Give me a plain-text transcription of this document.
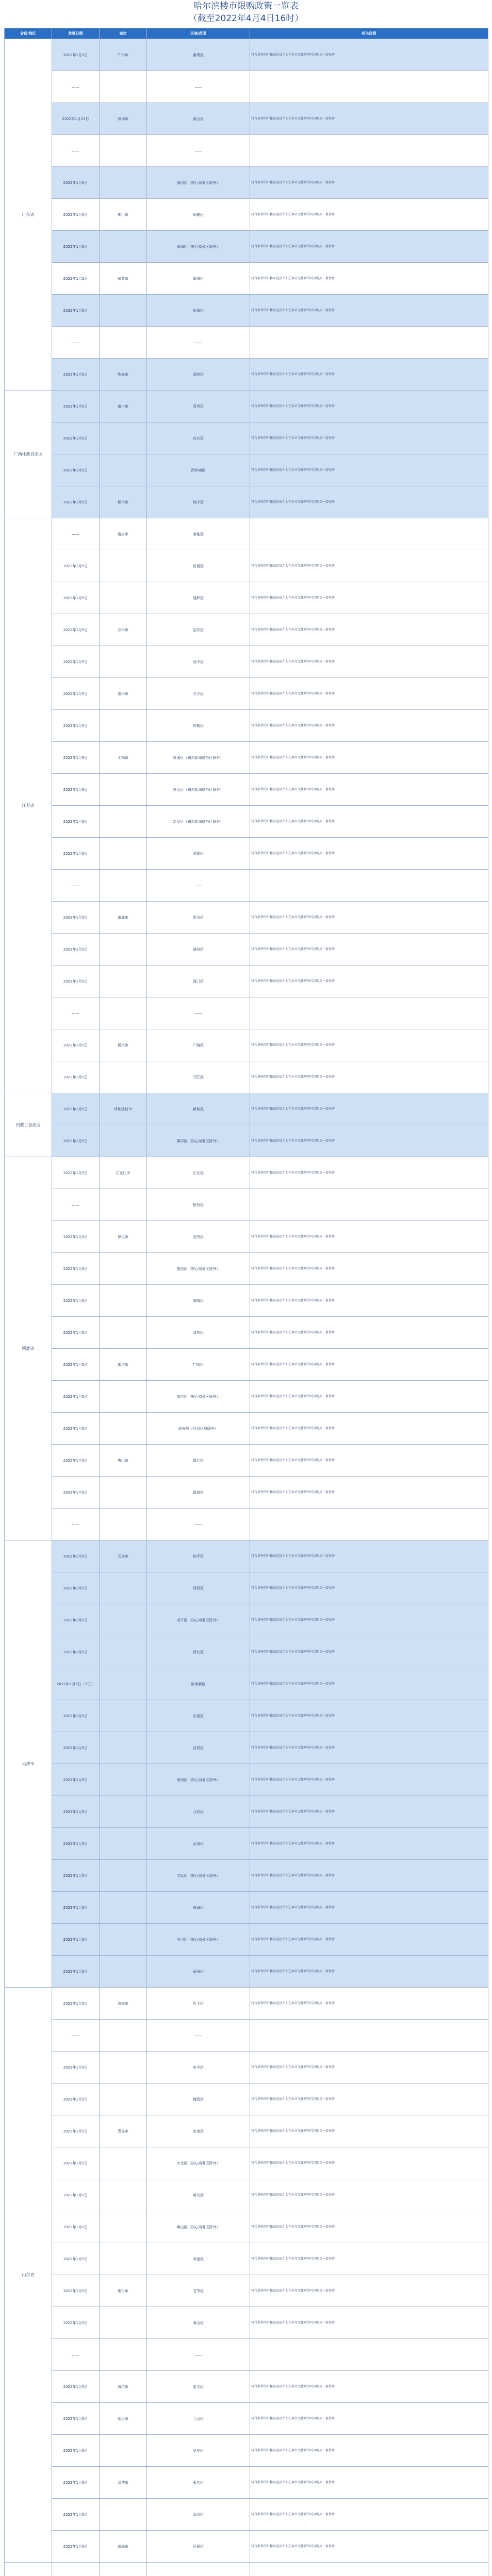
哈尔滨楼市限购政策一览表
（截至2022年4月4日16时）
省份/地区	政策日期	城市	区域/范围	相关政策
广东省	2022年1月1日	广州市	番禺区	符合条件的户籍家庭及个人在本市无住房的可以购买一套住房
	——		——	
	2022年1月13日	深圳市	南山区	符合条件的户籍家庭及个人在本市无住房的可以购买一套住房
	——		——	
	2022年1月5日		福田区（核心商务区除外）	符合条件的户籍家庭及个人在本市无住房的可以购买一套住房
	2022年1月5日	佛山市	顺德区	符合条件的户籍家庭及个人在本市无住房的可以购买一套住房
	2022年1月5日		南海区（核心商务区除外）	符合条件的户籍家庭及个人在本市无住房的可以购买一套住房
	2022年1月2日	东莞市	南城区	符合条件的户籍家庭及个人在本市无住房的可以购买一套住房
	2022年1月5日		东城区	符合条件的户籍家庭及个人在本市无住房的可以购买一套住房
	——		——	
	2022年1月5日	珠海市	香洲区	符合条件的户籍家庭及个人在本市无住房的可以购买一套住房
广西壮族自治区	2022年1月5日	南宁市	青秀区	符合条件的户籍家庭及个人在本市无住房的可以购买一套住房
	2022年1月5日		良庆区	符合条件的户籍家庭及个人在本市无住房的可以购买一套住房
	2022年1月5日		西乡塘区	符合条件的户籍家庭及个人在本市无住房的可以购买一套住房
	2022年1月5日	柳州市	城中区	符合条件的户籍家庭及个人在本市无住房的可以购买一套住房
江苏省	——	南京市	秦淮区	
	2022年1月5日		鼓楼区	符合条件的户籍家庭及个人在本市无住房的可以购买一套住房
	2022年1月5日		建邺区	符合条件的户籍家庭及个人在本市无住房的可以购买一套住房
	2022年1月5日	苏州市	姑苏区	符合条件的户籍家庭及个人在本市无住房的可以购买一套住房
	2022年1月5日		吴中区	符合条件的户籍家庭及个人在本市无住房的可以购买一套住房
	2022年1月5日	常州市	天宁区	符合条件的户籍家庭及个人在本市无住房的可以购买一套住房
	2022年1月5日		钟楼区	符合条件的户籍家庭及个人在本市无住房的可以购买一套住房
	2022年1月5日	无锡市	梁溪区（锡东新城商务区除外）	符合条件的户籍家庭及个人在本市无住房的可以购买一套住房
	2022年1月5日		惠山区（锡东新城商务区除外）	符合条件的户籍家庭及个人在本市无住房的可以购买一套住房
	2022年1月5日		新吴区（锡东新城商务区除外）	符合条件的户籍家庭及个人在本市无住房的可以购买一套住房
	2022年1月5日		滨湖区	符合条件的户籍家庭及个人在本市无住房的可以购买一套住房
	——		——	
	2022年1月5日	南通市	崇川区	符合条件的户籍家庭及个人在本市无住房的可以购买一套住房
	2022年1月5日		通州区	符合条件的户籍家庭及个人在本市无住房的可以购买一套住房
	2022年1月5日		海门区	符合条件的户籍家庭及个人在本市无住房的可以购买一套住房
	——		——	
	2022年1月5日	扬州市	广陵区	符合条件的户籍家庭及个人在本市无住房的可以购买一套住房
	2022年1月5日		邗江区	符合条件的户籍家庭及个人在本市无住房的可以购买一套住房
内蒙古自治区	2022年1月5日	呼和浩特市	新城区	符合条件的户籍家庭及个人在本市无住房的可以购买一套住房
	2022年1月5日		赛罕区（核心商务区除外）	符合条件的户籍家庭及个人在本市无住房的可以购买一套住房
河北省	2022年1月5日	石家庄市	长安区	符合条件的户籍家庭及个人在本市无住房的可以购买一套住房
	——		桥西区	
	2022年1月5日	保定市	竞秀区	符合条件的户籍家庭及个人在本市无住房的可以购买一套住房
	2022年1月5日		莲池区（核心商务区除外）	符合条件的户籍家庭及个人在本市无住房的可以购买一套住房
	2022年1月5日		满城区	符合条件的户籍家庭及个人在本市无住房的可以购买一套住房
	2022年1月5日		清苑区	符合条件的户籍家庭及个人在本市无住房的可以购买一套住房
	2022年1月5日	廊坊市	广阳区	符合条件的户籍家庭及个人在本市无住房的可以购买一套住房
	2022年1月5日		安次区（核心商务区除外）	符合条件的户籍家庭及个人在本市无住房的可以购买一套住房
	2022年1月5日		固安县（环京区域除外）	符合条件的户籍家庭及个人在本市无住房的可以购买一套住房
	2022年1月5日	唐山市	路北区	符合条件的户籍家庭及个人在本市无住房的可以购买一套住房
	2022年1月5日		路南区	符合条件的户籍家庭及个人在本市无住房的可以购买一套住房
	——		——	
天津市	2022年1月5日	天津市	和平区	符合条件的户籍家庭及个人在本市无住房的可以购买一套住房
	2022年1月5日		河西区	符合条件的户籍家庭及个人在本市无住房的可以购买一套住房
	2022年1月5日		南开区（核心商务区除外）	符合条件的户籍家庭及个人在本市无住房的可以购买一套住房
	2022年1月5日		河北区	符合条件的户籍家庭及个人在本市无住房的可以购买一套住房
	2022年1月5日（7日）		滨海新区	符合条件的户籍家庭及个人在本市无住房的可以购买一套住房
	2022年1月5日		东丽区	符合条件的户籍家庭及个人在本市无住房的可以购买一套住房
	2022年1月5日		西青区	符合条件的户籍家庭及个人在本市无住房的可以购买一套住房
	2022年1月5日		津南区（核心商务区除外）	符合条件的户籍家庭及个人在本市无住房的可以购买一套住房
	2022年1月5日		北辰区	符合条件的户籍家庭及个人在本市无住房的可以购买一套住房
	2022年1月5日		武清区	符合条件的户籍家庭及个人在本市无住房的可以购买一套住房
	2022年1月5日		宝坻区（核心商务区除外）	符合条件的户籍家庭及个人在本市无住房的可以购买一套住房
	2022年1月5日		静海区	符合条件的户籍家庭及个人在本市无住房的可以购买一套住房
	2022年1月5日		宁河区（核心商务区除外）	符合条件的户籍家庭及个人在本市无住房的可以购买一套住房
	2022年1月5日		蓟州区	符合条件的户籍家庭及个人在本市无住房的可以购买一套住房
山东省	2022年1月5日	济南市	历下区	符合条件的户籍家庭及个人在本市无住房的可以购买一套住房
	——		——	
	2022年1月5日		市中区	符合条件的户籍家庭及个人在本市无住房的可以购买一套住房
	2022年1月5日		槐荫区	符合条件的户籍家庭及个人在本市无住房的可以购买一套住房
	2022年1月5日	青岛市	市南区	符合条件的户籍家庭及个人在本市无住房的可以购买一套住房
	2022年1月5日		市北区（核心商务区除外）	符合条件的户籍家庭及个人在本市无住房的可以购买一套住房
	2022年1月5日		黄岛区	符合条件的户籍家庭及个人在本市无住房的可以购买一套住房
	2022年1月5日		崂山区（核心商务区除外）	符合条件的户籍家庭及个人在本市无住房的可以购买一套住房
	2022年1月5日		李沧区	符合条件的户籍家庭及个人在本市无住房的可以购买一套住房
	2022年1月5日	烟台市	芝罘区	符合条件的户籍家庭及个人在本市无住房的可以购买一套住房
	2022年1月5日		莱山区	符合条件的户籍家庭及个人在本市无住房的可以购买一套住房
	——		——	
	2022年1月5日	潍坊市	奎文区	符合条件的户籍家庭及个人在本市无住房的可以购买一套住房
	2022年1月5日	临沂市	兰山区	符合条件的户籍家庭及个人在本市无住房的可以购买一套住房
	2022年1月5日		罗庄区	符合条件的户籍家庭及个人在本市无住房的可以购买一套住房
	2022年1月5日	淄博市	张店区	符合条件的户籍家庭及个人在本市无住房的可以购买一套住房
	2022年1月5日		淄川区	符合条件的户籍家庭及个人在本市无住房的可以购买一套住房
	2022年1月5日	威海市	环翠区	符合条件的户籍家庭及个人在本市无住房的可以购买一套住房
